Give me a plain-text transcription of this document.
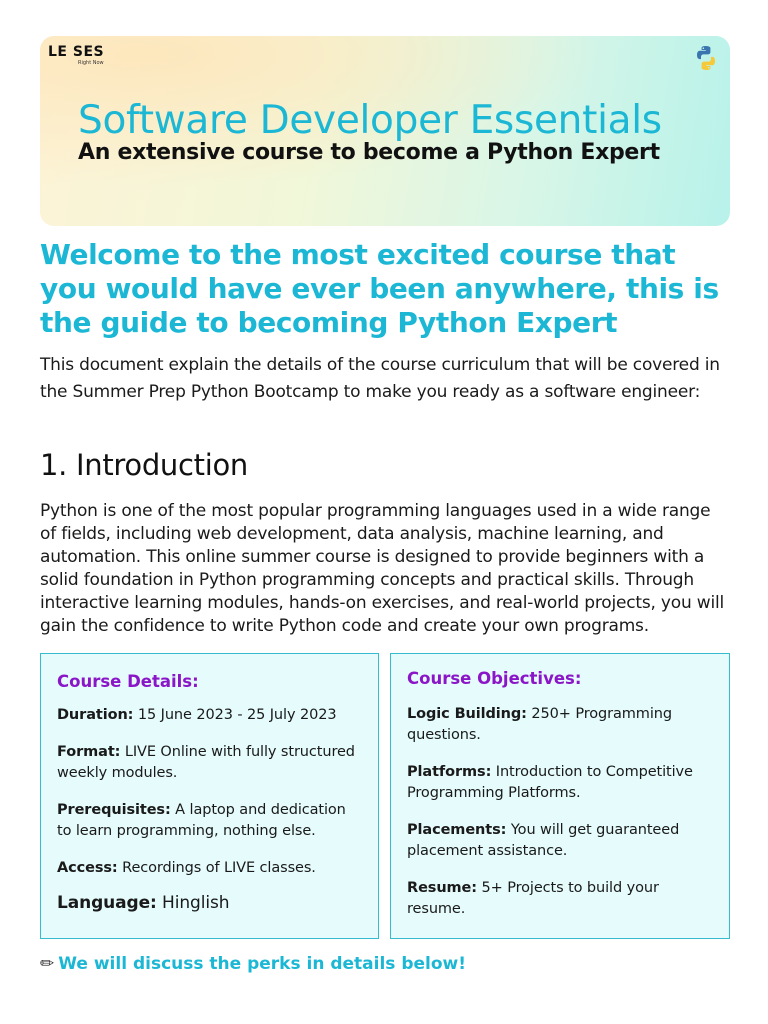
LE SES
Right Now
Software Developer Essentials
An extensive course to become a Python Expert
Welcome to the most excited course that you would have ever been anywhere, this is the guide to becoming Python Expert

This document explain the details of the course curriculum that will be covered in the Summer Prep Python Bootcamp to make you ready as a software engineer:

1. Introduction

Python is one of the most popular programming languages used in a wide range of fields, including web development, data analysis, machine learning, and automation. This online summer course is designed to provide beginners with a solid foundation in Python programming concepts and practical skills. Through interactive learning modules, hands-on exercises, and real-world projects, you will gain the confidence to write Python code and create your own programs.

Course Details:

Duration: 15 June 2023 - 25 July 2023

Format: LIVE Online with fully structured weekly modules.

Prerequisites: A laptop and dedication to learn programming, nothing else.

Access: Recordings of LIVE classes.

Language: Hinglish

Course Objectives:

Logic Building: 250+ Programming questions.

Platforms: Introduction to Competitive Programming Platforms.

Placements: You will get guaranteed placement assistance.

Resume: 5+ Projects to build your resume.

✏ We will discuss the perks in details below!
